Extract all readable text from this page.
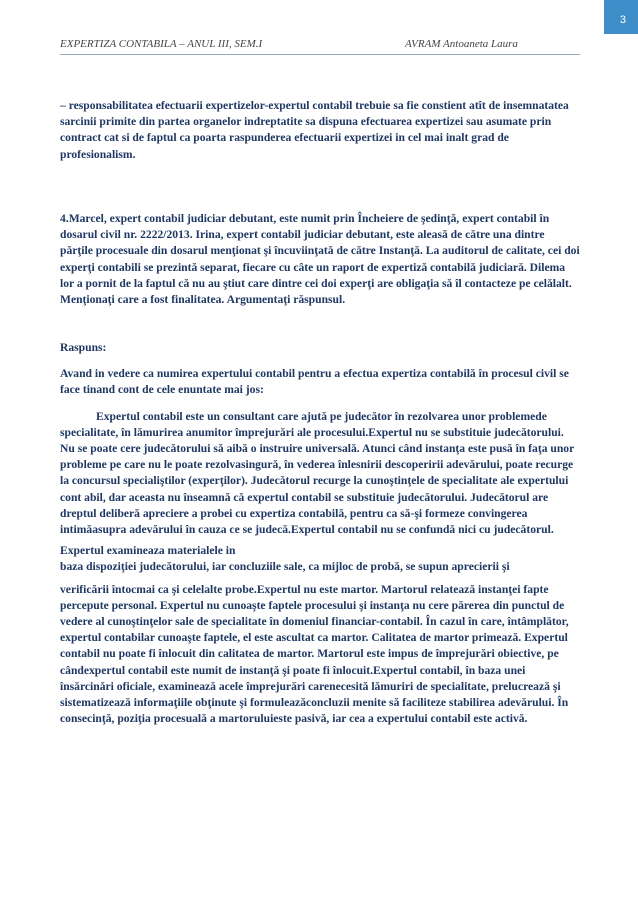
3
EXPERTIZA CONTABILA – ANUL III, SEM.I	AVRAM Antoaneta Laura

– responsabilitatea efectuarii expertizelor-expertul contabil trebuie sa fie constient atît de insemnatatea sarcinii primite din partea organelor indreptatite sa dispuna efectuarea expertizei sau asumate prin contract cat si de faptul ca poarta raspunderea efectuarii expertizei in cel mai inalt grad de profesionalism.

4.Marcel, expert contabil judiciar debutant, este numit prin Încheiere de şedinţă, expert contabil în dosarul civil nr. 2222/2013. Irina, expert contabil judiciar debutant, este aleasă de către una dintre părţile procesuale din dosarul menţionat şi încuviinţată de către Instanţă. La auditorul de calitate, cei doi experţi contabili se prezintă separat, fiecare cu câte un raport de expertiză contabilă judiciară. Dilema lor a pornit de la faptul că nu au ştiut care dintre cei doi experţi are obligaţia să îl contacteze pe celălalt. Menţionaţi care a fost finalitatea. Argumentaţi răspunsul.

Raspuns:

Avand in vedere ca numirea expertului contabil pentru a efectua expertiza contabilă în procesul civil se face tinand cont de cele enuntate mai jos:

Expertul contabil este un consultant care ajută pe judecător în rezolvarea unor problemede specialitate, în lămurirea anumitor împrejurări ale procesului.Expertul nu se substituie judecătorului. Nu se poate cere judecătorului să aibă o instruire universală. Atunci când instanţa este pusă în faţa unor probleme pe care nu le poate rezolvasingură, în vederea înlesnirii descoperirii adevărului, poate recurge la concursul specialiştilor (experţilor). Judecătorul recurge la cunoştinţele de specialitate ale expertului cont abil, dar aceasta nu înseamnă că expertul contabil se substituie judecătorului. Judecătorul are dreptul deliberă apreciere a probei cu expertiza contabilă, pentru ca să-şi formeze convingerea intimăasupra adevărului în cauza ce se judecă.Expertul contabil nu se confundă nici cu judecătorul.

Expertul examineaza materialele in

baza dispoziţiei judecătorului, iar concluziile sale, ca mijloc de probă, se supun aprecierii şi

verificării întocmai ca şi celelalte probe.Expertul nu este martor. Martorul relatează instanţei fapte percepute personal. Expertul nu cunoaşte faptele procesului şi instanţa nu cere părerea din punctul de vedere al cunoştinţelor sale de specialitate în domeniul financiar-contabil. În cazul în care, întâmplător, expertul contabilar cunoaşte faptele, el este ascultat ca martor. Calitatea de martor primează. Expertul contabil nu poate fi înlocuit din calitatea de martor. Martorul este impus de împrejurări obiective, pe cândexpertul contabil este numit de instanţă şi poate fi înlocuit.Expertul contabil, în baza unei însărcinări oficiale, examinează acele împrejurări carenecesită lămuriri de specialitate, prelucrează şi sistematizează informaţiile obţinute şi formuleazăconcluzii menite să faciliteze stabilirea adevărului. În consecinţă, poziţia procesuală a martoruluieste pasivă, iar cea a expertului contabil este activă.
